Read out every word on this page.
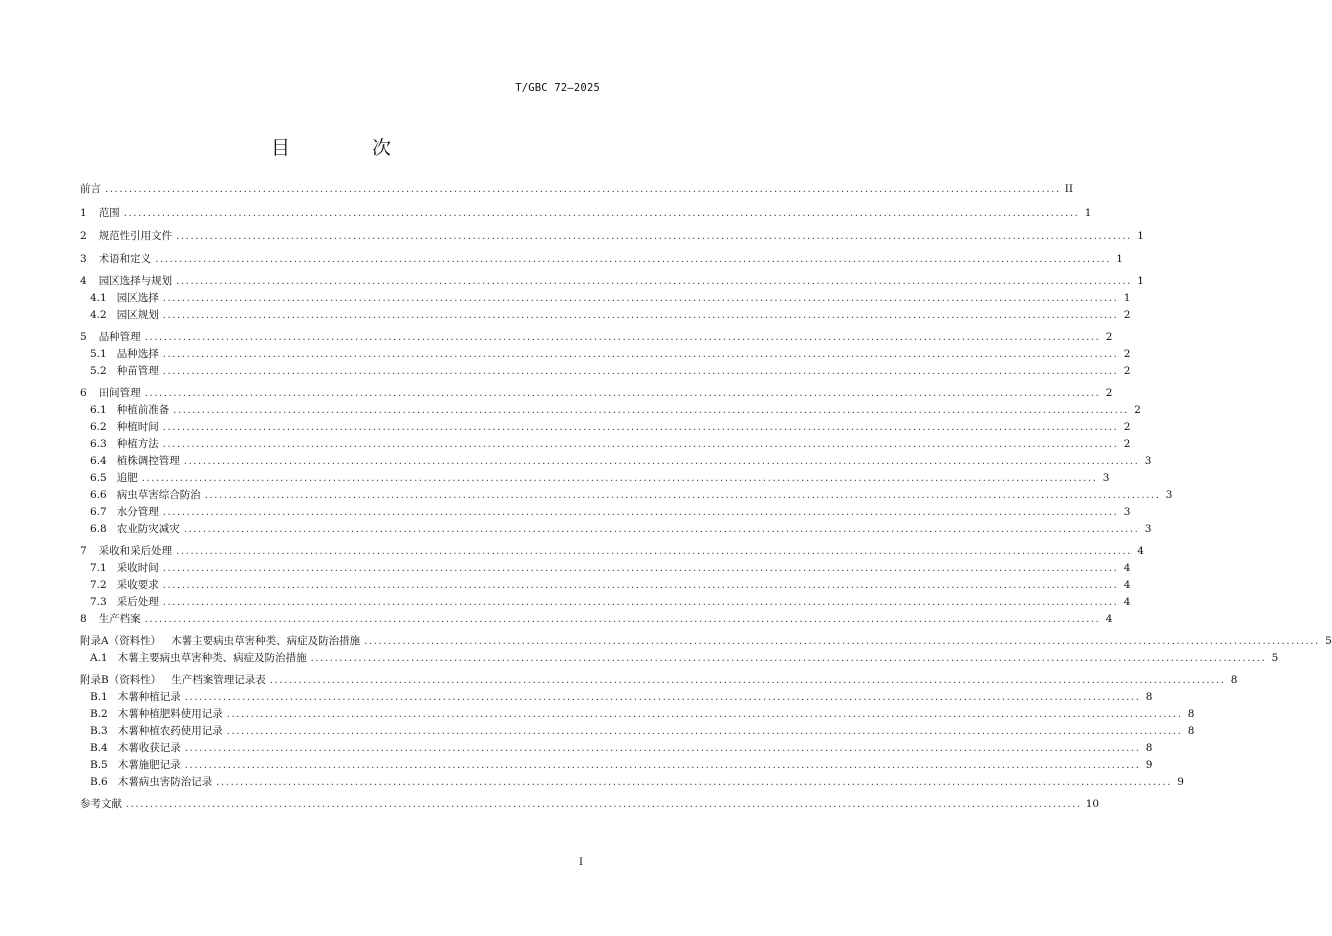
T/GBC 72—2025
目 次
前言 ........................................................................................................................................................................................................ II
1 范围 ........................................................................................................................................................................................................ 1
2 规范性引用文件 ........................................................................................................................................................................................................ 1
3 术语和定义 ........................................................................................................................................................................................................ 1
4 园区选择与规划 ........................................................................................................................................................................................................ 1
4.1 园区选择 ........................................................................................................................................................................................................ 1
4.2 园区规划 ........................................................................................................................................................................................................ 2
5 品种管理 ........................................................................................................................................................................................................ 2
5.1 品种选择 ........................................................................................................................................................................................................ 2
5.2 种苗管理 ........................................................................................................................................................................................................ 2
6 田间管理 ........................................................................................................................................................................................................ 2
6.1 种植前准备 ........................................................................................................................................................................................................ 2
6.2 种植时间 ........................................................................................................................................................................................................ 2
6.3 种植方法 ........................................................................................................................................................................................................ 2
6.4 植株调控管理 ........................................................................................................................................................................................................ 3
6.5 追肥 ........................................................................................................................................................................................................ 3
6.6 病虫草害综合防治 ........................................................................................................................................................................................................ 3
6.7 水分管理 ........................................................................................................................................................................................................ 3
6.8 农业防灾减灾 ........................................................................................................................................................................................................ 3
7 采收和采后处理 ........................................................................................................................................................................................................ 4
7.1 采收时间 ........................................................................................................................................................................................................ 4
7.2 采收要求 ........................................................................................................................................................................................................ 4
7.3 采后处理 ........................................................................................................................................................................................................ 4
8 生产档案 ........................................................................................................................................................................................................ 4
附录A（资料性） 木薯主要病虫草害种类、病症及防治措施 ........................................................................................................................................................................................................ 5
A.1 木薯主要病虫草害种类、病症及防治措施 ........................................................................................................................................................................................................ 5
附录B（资料性） 生产档案管理记录表 ........................................................................................................................................................................................................ 8
B.1 木薯种植记录 ........................................................................................................................................................................................................ 8
B.2 木薯种植肥料使用记录 ........................................................................................................................................................................................................ 8
B.3 木薯种植农药使用记录 ........................................................................................................................................................................................................ 8
B.4 木薯收获记录 ........................................................................................................................................................................................................ 8
B.5 木薯施肥记录 ........................................................................................................................................................................................................ 9
B.6 木薯病虫害防治记录 ........................................................................................................................................................................................................ 9
参考文献 ........................................................................................................................................................................................................ 10
I
